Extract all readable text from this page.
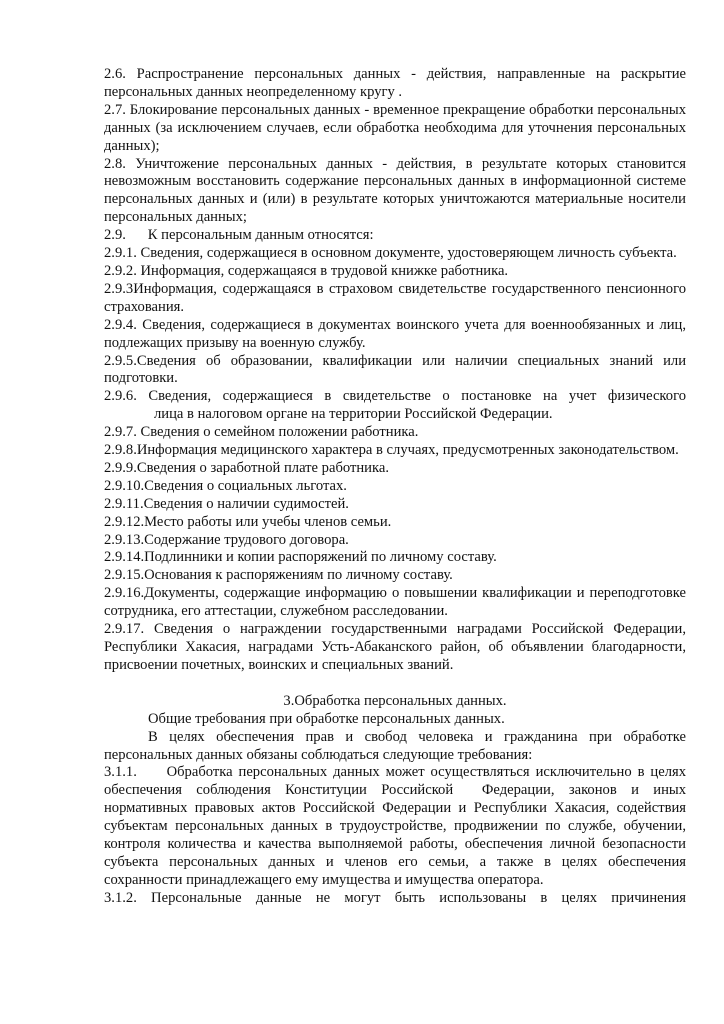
2.6. Распространение персональных данных - действия, направленные на раскрытие персональных данных неопределенному кругу .

2.7. Блокирование персональных данных - временное прекращение обработки персональных данных (за исключением случаев, если обработка необходима для уточнения персональных данных);

2.8. Уничтожение персональных данных - действия, в результате которых становится невозможным восстановить содержание персональных данных в информационной системе персональных данных и (или) в результате которых уничтожаются материальные носители персональных данных;

2.9.      К персональным данным относятся:

2.9.1. Сведения, содержащиеся в основном документе, удостоверяющем личность субъекта.

2.9.2. Информация, содержащаяся в трудовой книжке работника.

2.9.3Информация, содержащаяся в страховом свидетельстве государственного пенсионного страхования.

2.9.4. Сведения, содержащиеся в документах воинского учета для военнообязанных и лиц, подлежащих призыву на военную службу.

2.9.5.Сведения об образовании, квалификации или наличии специальных знаний или подготовки.

2.9.6. Сведения, содержащиеся в свидетельстве о постановке на учет физического

лица в налоговом органе на территории Российской Федерации.

2.9.7. Сведения о семейном положении работника.

2.9.8.Информация медицинского характера в случаях, предусмотренных законодательством.

2.9.9.Сведения о заработной плате работника.

2.9.10.Сведения о социальных льготах.

2.9.11.Сведения о наличии судимостей.

2.9.12.Место работы или учебы членов семьи.

2.9.13.Содержание трудового договора.

2.9.14.Подлинники и копии распоряжений по личному составу.

2.9.15.Основания к распоряжениям по личному составу.

2.9.16.Документы, содержащие информацию о повышении квалификации и переподготовке сотрудника, его аттестации, служебном расследовании.

2.9.17. Сведения о награждении государственными наградами Российской Федерации, Республики Хакасия, наградами Усть-Абаканского район, об объявлении благодарности, присвоении почетных, воинских и специальных званий.

3.Обработка персональных данных.

Общие требования при обработке персональных данных.

В целях обеспечения прав и свобод человека и гражданина при обработке персональных данных обязаны соблюдаться следующие требования:

3.1.1.     Обработка персональных данных может осуществляться исключительно в целях обеспечения соблюдения Конституции Российской  Федерации, законов и иных нормативных правовых актов Российской Федерации и Республики Хакасия, содействия субъектам персональных данных в трудоустройстве, продвижении по службе, обучении, контроля количества и качества выполняемой работы, обеспечения личной безопасности  субъекта персональных данных и членов его семьи, а также в целях обеспечения сохранности принадлежащего ему имущества и имущества оператора.

3.1.2. Персональные данные не могут быть использованы в целях причинения
